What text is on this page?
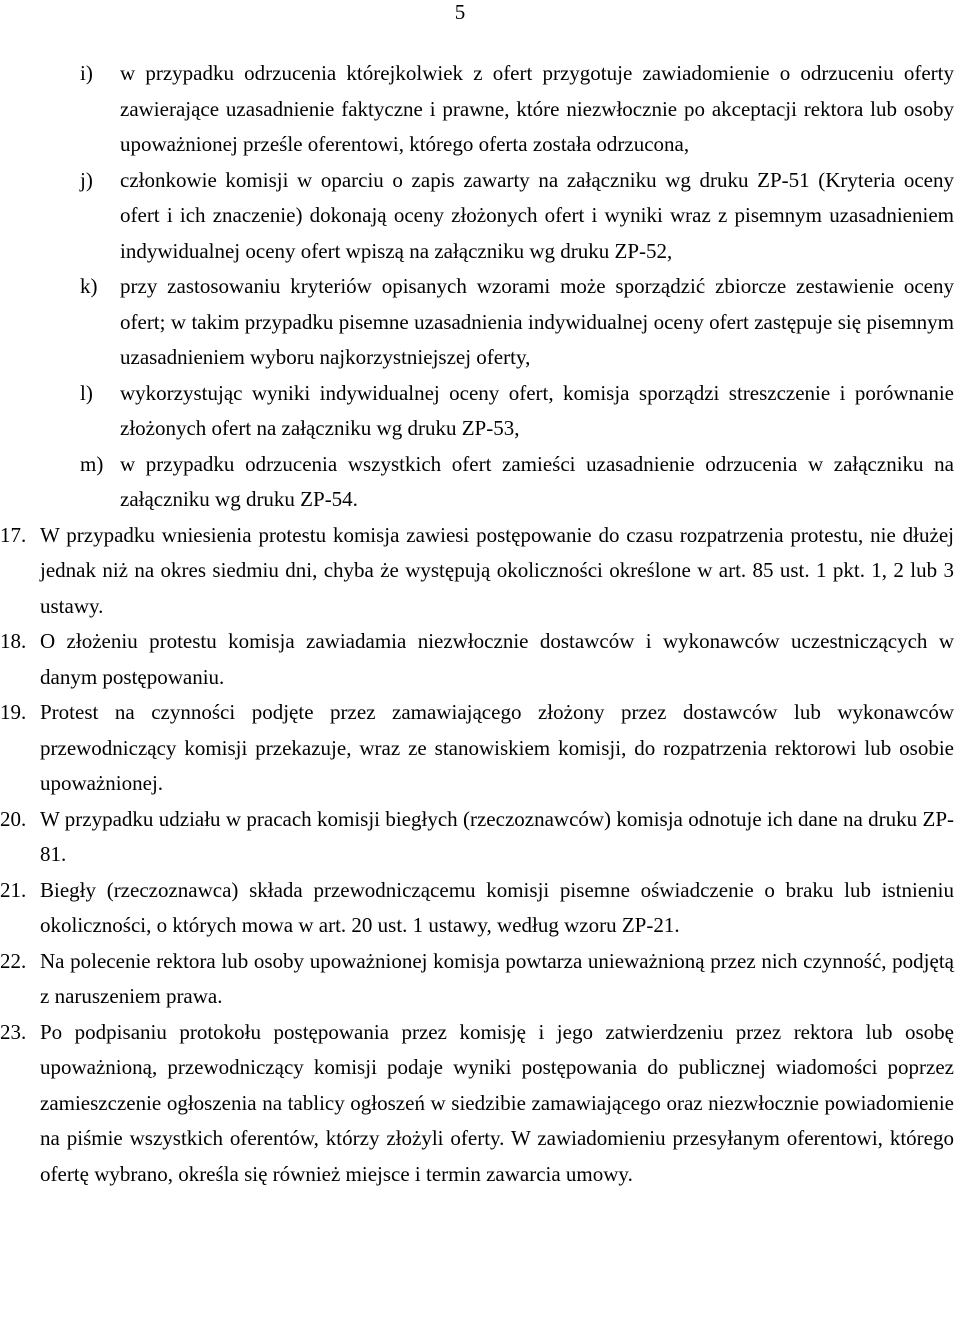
5
i) w przypadku odrzucenia którejkolwiek z ofert przygotuje zawiadomienie o odrzuceniu oferty zawierające uzasadnienie faktyczne i prawne, które niezwłocznie po akceptacji rektora lub osoby upoważnionej prześle oferentowi, którego oferta została odrzucona,
j) członkowie komisji w oparciu o zapis zawarty na załączniku wg druku ZP-51 (Kryteria oceny ofert i ich znaczenie) dokonają oceny złożonych ofert i wyniki wraz z pisemnym uzasadnieniem indywidualnej oceny ofert wpiszą na załączniku wg druku ZP-52,
k) przy zastosowaniu kryteriów opisanych wzorami może sporządzić zbiorcze zestawienie oceny ofert; w takim przypadku pisemne uzasadnienia indywidualnej oceny ofert zastępuje się pisemnym uzasadnieniem wyboru najkorzystniejszej oferty,
l) wykorzystując wyniki indywidualnej oceny ofert, komisja sporządzi streszczenie i porównanie złożonych ofert na załączniku wg druku ZP-53,
m) w przypadku odrzucenia wszystkich ofert zamieści uzasadnienie odrzucenia w załączniku na załączniku wg druku ZP-54.
17. W przypadku wniesienia protestu komisja zawiesi postępowanie do czasu rozpatrzenia protestu, nie dłużej jednak niż na okres siedmiu dni, chyba że występują okoliczności określone w art. 85 ust. 1 pkt. 1, 2 lub 3 ustawy.
18. O złożeniu protestu komisja zawiadamia niezwłocznie dostawców i wykonawców uczestniczących w danym postępowaniu.
19. Protest na czynności podjęte przez zamawiającego złożony przez dostawców lub wykonawców przewodniczący komisji przekazuje, wraz ze stanowiskiem komisji, do rozpatrzenia rektorowi lub osobie upoważnionej.
20. W przypadku udziału w pracach komisji biegłych (rzeczoznawców) komisja odnotuje ich dane na druku ZP-81.
21. Biegły (rzeczoznawca) składa przewodniczącemu komisji pisemne oświadczenie o braku lub istnieniu okoliczności, o których mowa w art. 20 ust. 1 ustawy, według wzoru ZP-21.
22. Na polecenie rektora lub osoby upoważnionej komisja powtarza unieważnioną przez nich czynność, podjętą z naruszeniem prawa.
23. Po podpisaniu protokołu postępowania przez komisję i jego zatwierdzeniu przez rektora lub osobę upoważnioną, przewodniczący komisji podaje wyniki postępowania do publicznej wiadomości poprzez zamieszczenie ogłoszenia na tablicy ogłoszeń w siedzibie zamawiającego oraz niezwłocznie powiadomienie na piśmie wszystkich oferentów, którzy złożyli oferty. W zawiadomieniu przesyłanym oferentowi, którego ofertę wybrano, określa się również miejsce i termin zawarcia umowy.
